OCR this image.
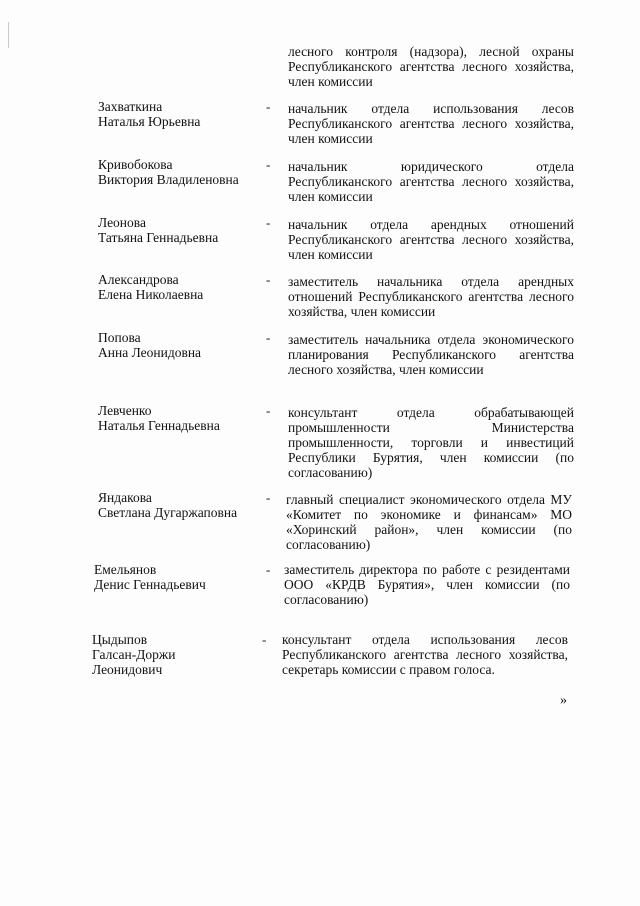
лесного контроля (надзора), лесной охраны Республиканского агентства лесного хозяйства, член комиссии
Захваткина
Наталья Юрьевна
- начальник отдела использования лесов Республиканского агентства лесного хозяйства, член комиссии
Кривобокова
Виктория Владиленовна
- начальник юридического отдела Республиканского агентства лесного хозяйства, член комиссии
Леонова
Татьяна Геннадьевна
- начальник отдела арендных отношений Республиканского агентства лесного хозяйства, член комиссии
Александрова
Елена Николаевна
- заместитель начальника отдела арендных отношений Республиканского агентства лесного хозяйства, член комиссии
Попова
Анна Леонидовна
- заместитель начальника отдела экономического планирования Республиканского агентства лесного хозяйства, член комиссии
Левченко
Наталья Геннадьевна
- консультант отдела обрабатывающей промышленности Министерства промышленности, торговли и инвестиций Республики Бурятия, член комиссии (по согласованию)
Яндакова
Светлана Дугаржаповна
- главный специалист экономического отдела МУ «Комитет по экономике и финансам» МО «Хоринский район», член комиссии (по согласованию)
Емельянов
Денис Геннадьевич
- заместитель директора по работе с резидентами ООО «КРДВ Бурятия», член комиссии (по согласованию)
Цыдыпов
Галсан-Доржи
Леонидович
- консультант отдела использования лесов Республиканского агентства лесного хозяйства, секретарь комиссии с правом голоса.
»
